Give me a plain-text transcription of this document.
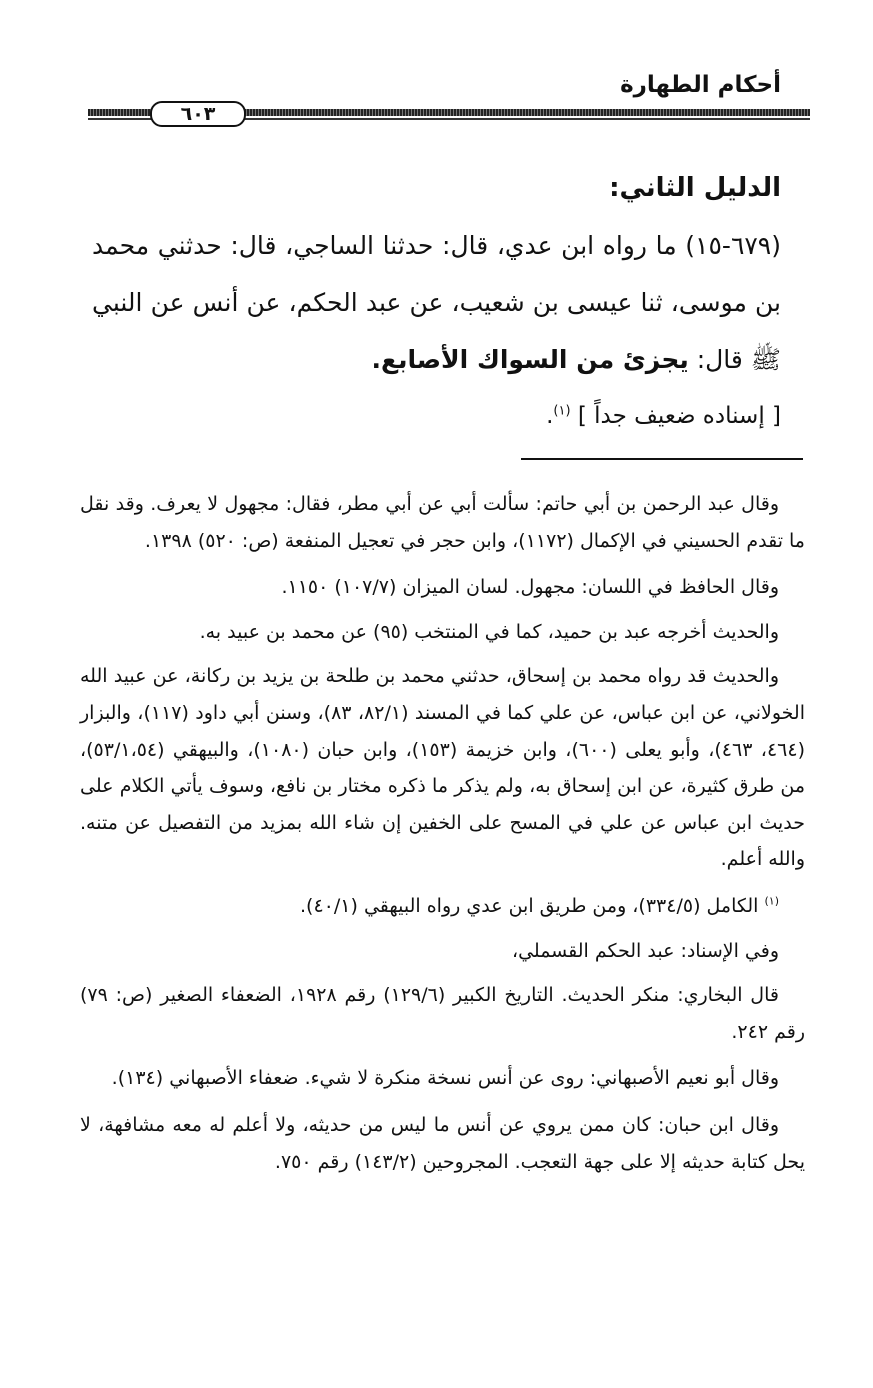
أحكام الطهارة
٦٠٣

الدليل الثاني:

(٦٧٩-١٥) ما رواه ابن عدي، قال: حدثنا الساجي، قال: حدثني محمد بن موسى، ثنا عيسى بن شعيب، عن عبد الحكم، عن أنس عن النبي ﷺ قال: يجزئ من السواك الأصابع.

[ إسناده ضعيف جداً ] $^{(١)}$.

وقال عبد الرحمن بن أبي حاتم: سألت أبي عن أبي مطر، فقال: مجهول لا يعرف. وقد نقل ما تقدم الحسيني في الإكمال (١١٧٢)، وابن حجر في تعجيل المنفعة (ص: ٥٢٠) ١٣٩٨.

وقال الحافظ في اللسان: مجهول. لسان الميزان (١٠٧/٧) ١١٥٠.

والحديث أخرجه عبد بن حميد، كما في المنتخب (٩٥) عن محمد بن عبيد به.

والحديث قد رواه محمد بن إسحاق، حدثني محمد بن طلحة بن يزيد بن ركانة، عن عبيد الله الخولاني، عن ابن عباس، عن علي كما في المسند (٨٢/١، ٨٣)، وسنن أبي داود (١١٧)، والبزار (٤٦٤، ٤٦٣)، وأبو يعلى (٦٠٠)، وابن خزيمة (١٥٣)، وابن حبان (١٠٨٠)، والبيهقي (٥٣/١،٥٤)، من طرق كثيرة، عن ابن إسحاق به، ولم يذكر ما ذكره مختار بن نافع، وسوف يأتي الكلام على حديث ابن عباس عن علي في المسح على الخفين إن شاء الله بمزيد من التفصيل عن متنه. والله أعلم.

$^{(١)}$ الكامل (٣٣٤/٥)، ومن طريق ابن عدي رواه البيهقي (٤٠/١).

وفي الإسناد: عبد الحكم القسملي،

قال البخاري: منكر الحديث. التاريخ الكبير (١٢٩/٦) رقم ١٩٢٨، الضعفاء الصغير (ص: ٧٩) رقم ٢٤٢.

وقال أبو نعيم الأصبهاني: روى عن أنس نسخة منكرة لا شيء. ضعفاء الأصبهاني (١٣٤).

وقال ابن حبان: كان ممن يروي عن أنس ما ليس من حديثه، ولا أعلم له معه مشافهة، لا يحل كتابة حديثه إلا على جهة التعجب. المجروحين (١٤٣/٢) رقم ٧٥٠.
